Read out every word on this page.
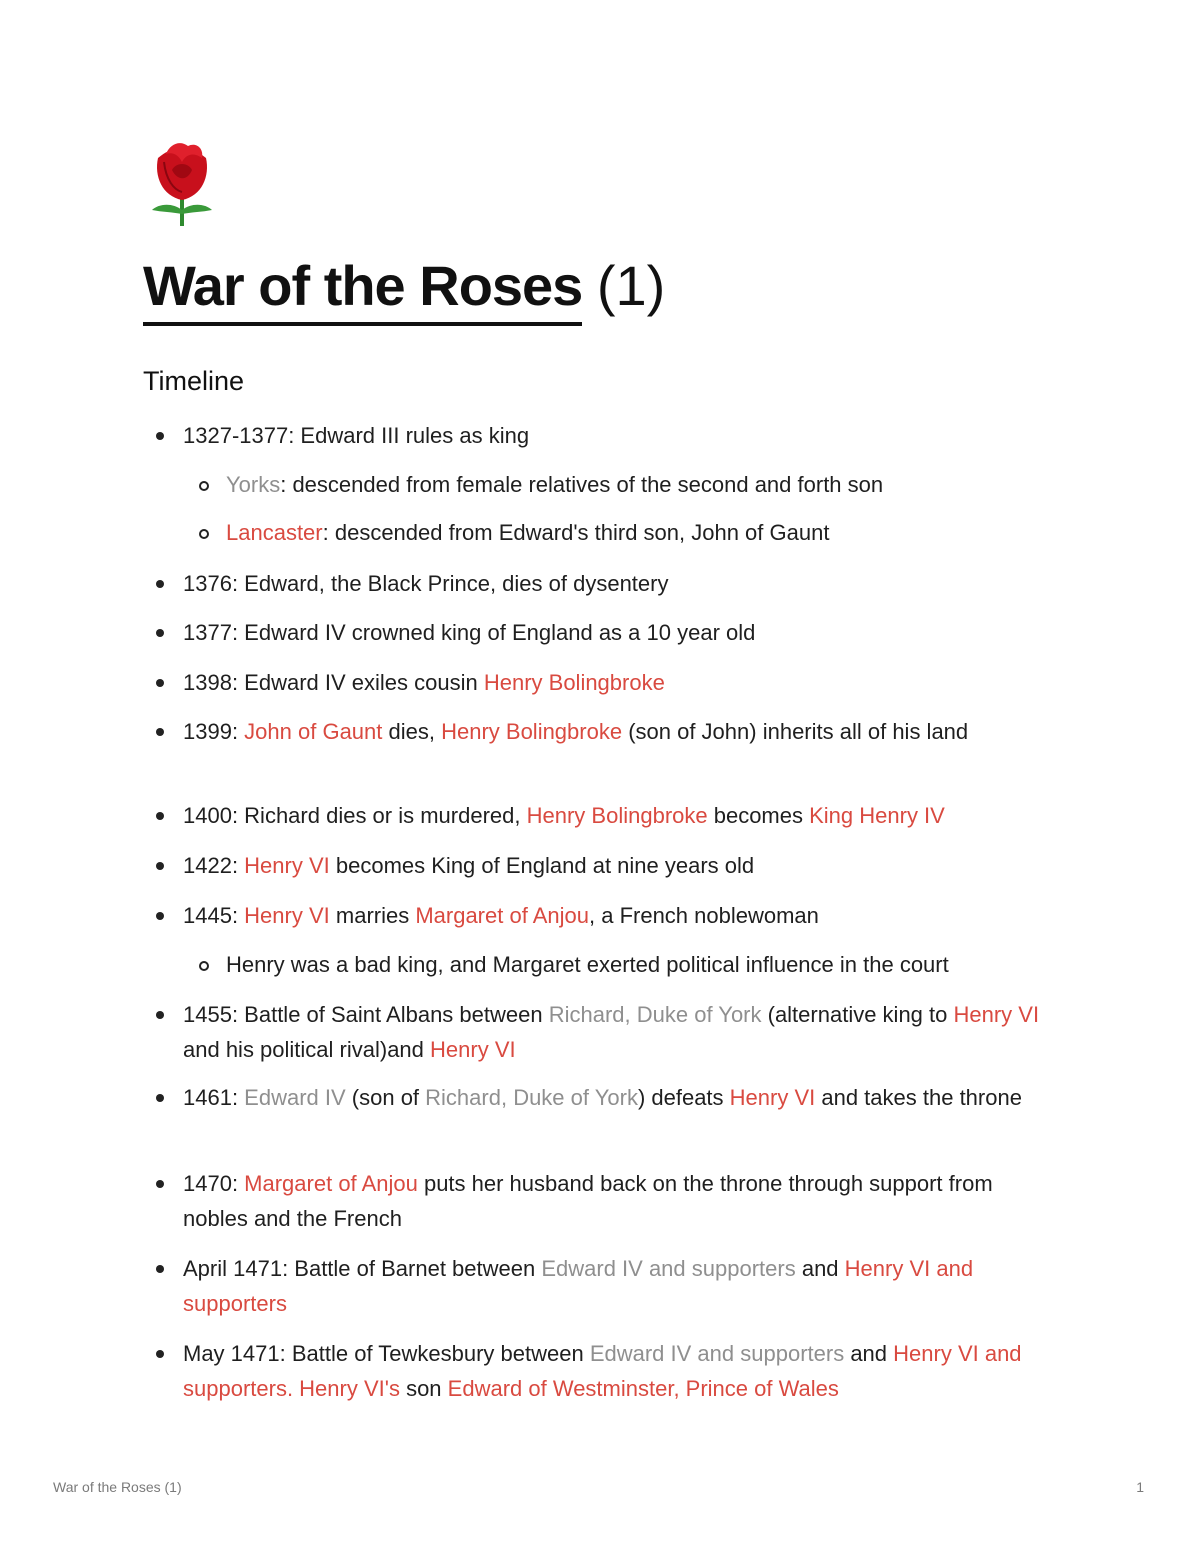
War of the Roses (1)
Timeline
1327-1377: Edward III rules as king
Yorks: descended from female relatives of the second and forth son
Lancaster: descended from Edward's third son, John of Gaunt
1376: Edward, the Black Prince, dies of dysentery
1377: Edward IV crowned king of England as a 10 year old
1398: Edward IV exiles cousin Henry Bolingbroke
1399: John of Gaunt dies, Henry Bolingbroke (son of John) inherits all of his land
1400: Richard dies or is murdered, Henry Bolingbroke becomes King Henry IV
1422: Henry VI becomes King of England at nine years old
1445: Henry VI marries Margaret of Anjou, a French noblewoman
Henry was a bad king, and Margaret exerted political influence in the court
1455: Battle of Saint Albans between Richard, Duke of York (alternative king to Henry VI and his political rival)and Henry VI
1461: Edward IV (son of Richard, Duke of York) defeats Henry VI and takes the throne
1470: Margaret of Anjou puts her husband back on the throne through support from nobles and the French
April 1471: Battle of Barnet between Edward IV and supporters and Henry VI and supporters
May 1471: Battle of Tewkesbury between Edward IV and supporters and Henry VI and supporters. Henry VI's son Edward of Westminster, Prince of Wales
War of the Roses (1)	1
